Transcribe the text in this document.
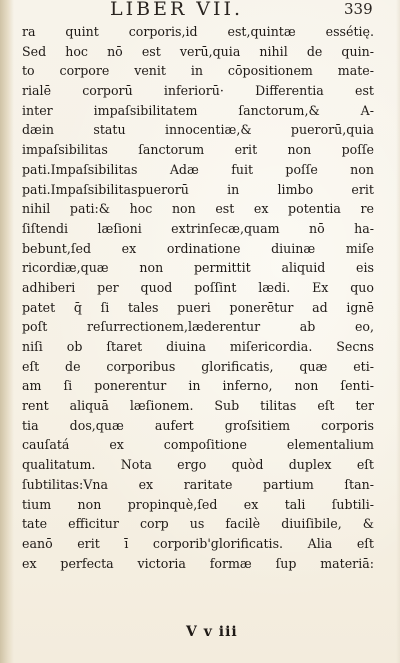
LIBER VII.	339
ra quint corporis,id est,quintæ essétię.
Sed hoc nō est verū,quia nihil de quin-
to corpore venit in cōpositionem mate-
rialē corporū inferiorū· Differentia est
inter impaſsibilitatem ſanctorum,& A-
dæin statu innocentiæ,& puerorū,quia
impaſsibilitas ſanctorum erit non poſſe
pati.Impaſsibilitas Adæ fuit poſſe non
pati.Impaſsibilitaspuerorū in limbo erit
nihil pati:& hoc non est ex potentia re
ſiſtendi læſioni extrinſecæ,quam nō ha-
bebunt,ſed ex ordinatione diuinæ miſe
ricordiæ,quæ non permittit aliquid eis
adhiberi per quod poſſint lædi. Ex quo
patet q̄ ſi tales pueri ponerētur ad ignē
poſt reſurrectionem,læderentur ab eo,
niſi ob ſtaret diuina miſericordia. Secns
eſt de corporibus glorificatis, quæ eti-
am ſi ponerentur in inferno, non ſenti-
rent aliquā læſionem. Sub tilitas eſt ter
tia dos,quæ aufert groſsitiem corporis
cauſatá ex compoſitione elementalium
qualitatum. Nota ergo quòd duplex eſt
ſubtilitas:Vna ex raritate partium ſtan-
tium non propinquè,ſed ex tali ſubtili-
tate efficitur corp us facilè diuiſibile, &
eanō erit ī corporib'glorificatis. Alia eſt
ex perfecta victoria formæ ſup materiā:
V v iii
